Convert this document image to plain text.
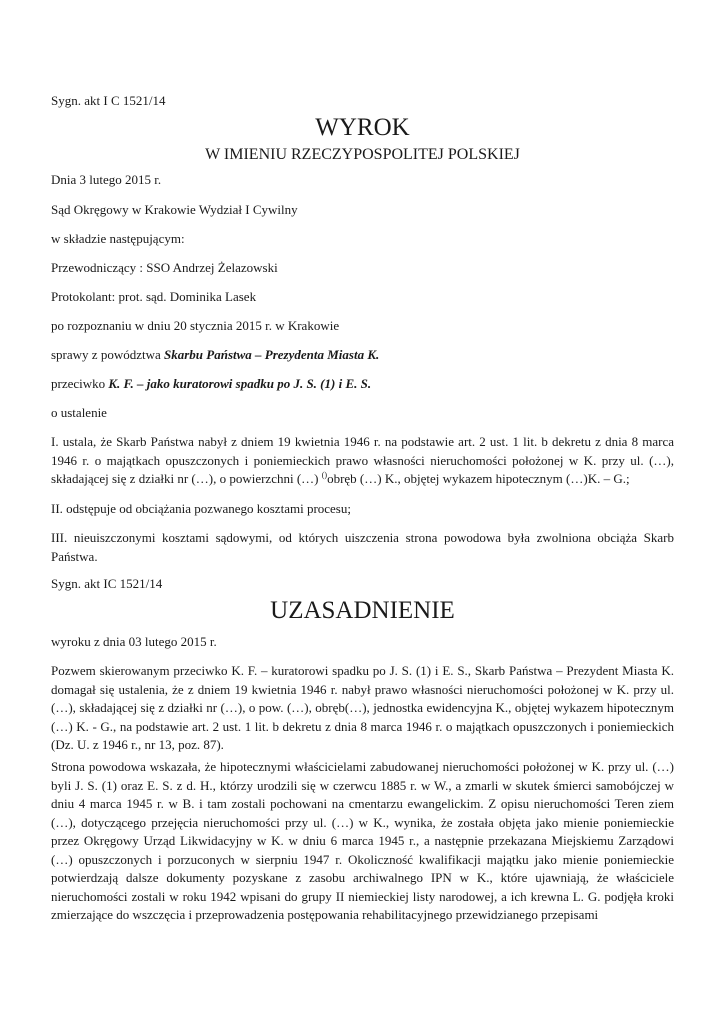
Sygn. akt I C 1521/14

WYROK
W IMIENIU RZECZYPOSPOLITEJ POLSKIEJ

Dnia 3 lutego 2015 r.

Sąd Okręgowy w Krakowie Wydział I Cywilny

w składzie następującym:

Przewodniczący : SSO Andrzej Żelazowski

Protokolant: prot. sąd. Dominika Lasek

po rozpoznaniu w dniu 20 stycznia 2015 r. w Krakowie

sprawy z powództwa Skarbu Państwa – Prezydenta Miasta K.

przeciwko K. F. – jako kuratorowi spadku po J. S. (1) i E. S.

o ustalenie

I. ustala, że Skarb Państwa nabył z dniem 19 kwietnia 1946 r. na podstawie art. 2 ust. 1 lit. b dekretu z dnia 8 marca 1946 r. o majątkach opuszczonych i poniemieckich prawo własności nieruchomości położonej w K. przy ul. (…), składającej się z działki nr (…), o powierzchni (…) ()obręb (…) K., objętej wykazem hipotecznym (…)K. – G.;

II. odstępuje od obciążania pozwanego kosztami procesu;

III. nieuiszczonymi kosztami sądowymi, od których uiszczenia strona powodowa była zwolniona obciąża Skarb Państwa.

Sygn. akt IC 1521/14

UZASADNIENIE

wyroku z dnia 03 lutego 2015 r.

Pozwem skierowanym przeciwko K. F. – kuratorowi spadku po J. S. (1) i E. S., Skarb Państwa – Prezydent Miasta K. domagał się ustalenia, że z dniem 19 kwietnia 1946 r. nabył prawo własności nieruchomości położonej w K. przy ul. (…), składającej się z działki nr (…), o pow. (…), obręb(…), jednostka ewidencyjna K., objętej wykazem hipotecznym (…) K. - G., na podstawie art. 2 ust. 1 lit. b dekretu z dnia 8 marca 1946 r. o majątkach opuszczonych i poniemieckich (Dz. U. z 1946 r., nr 13, poz. 87).

Strona powodowa wskazała, że hipotecznymi właścicielami zabudowanej nieruchomości położonej w K. przy ul. (…) byli J. S. (1) oraz E. S. z d. H., którzy urodzili się w czerwcu 1885 r. w W., a zmarli w skutek śmierci samobójczej w dniu 4 marca 1945 r. w B. i tam zostali pochowani na cmentarzu ewangelickim. Z opisu nieruchomości Teren ziem (…), dotyczącego przejęcia nieruchomości przy ul. (…) w K., wynika, że została objęta jako mienie poniemieckie przez Okręgowy Urząd Likwidacyjny w K. w dniu 6 marca 1945 r., a następnie przekazana Miejskiemu Zarządowi (…) opuszczonych i porzuconych w sierpniu 1947 r. Okoliczność kwalifikacji majątku jako mienie poniemieckie potwierdzają dalsze dokumenty pozyskane z zasobu archiwalnego IPN w K., które ujawniają, że właściciele nieruchomości zostali w roku 1942 wpisani do grupy II niemieckiej listy narodowej, a ich krewna L. G. podjęła kroki zmierzające do wszczęcia i przeprowadzenia postępowania rehabilitacyjnego przewidzianego przepisami
